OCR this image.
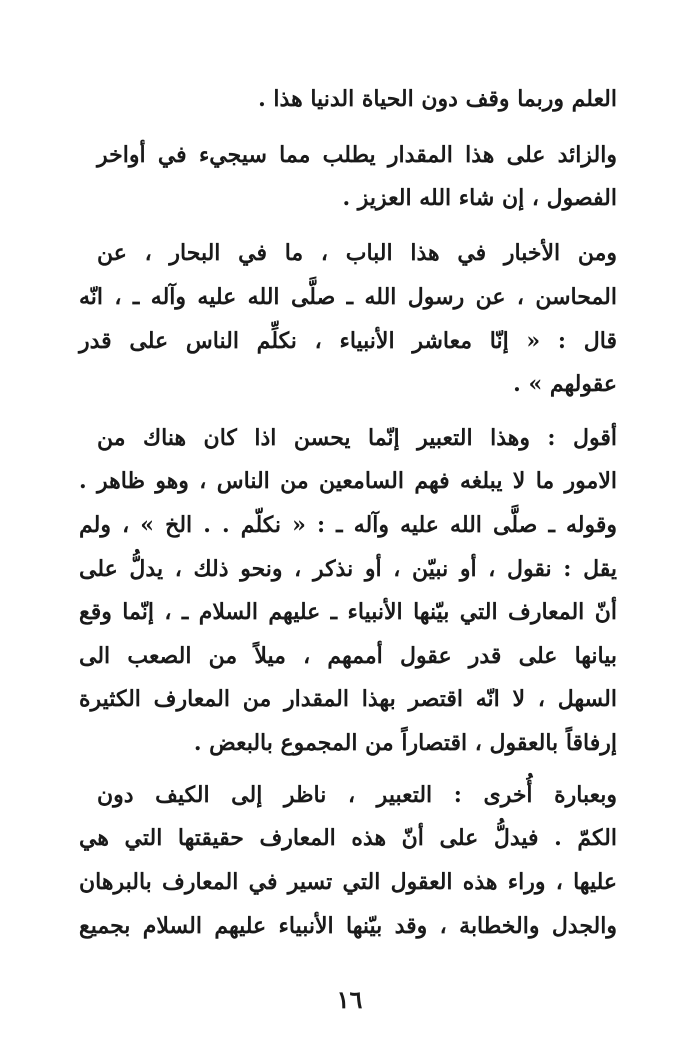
العلم وربما وقف دون الحياة الدنيا هذا .
والزائد على هذا المقدار يطلب مما سيجيء في أواخر
الفصول ، إن شاء الله العزيز .
ومن الأخبار في هذا الباب ، ما في البحار ، عن
المحاسن ، عن رسول الله ـ صلَّى الله عليه وآله ـ ، انّه
قال : « إنّا معاشر الأنبياء ، نكلِّم الناس على قدر
عقولهم » .
أقول : وهذا التعبير إنّما يحسن اذا كان هناك من
الامور ما لا يبلغه فهم السامعين من الناس ، وهو ظاهر .
وقوله ـ صلَّى الله عليه وآله ـ : « نكلّم . . الخ » ، ولم
يقل : نقول ، أو نبيّن ، أو نذكر ، ونحو ذلك ، يدلُّ على
أنّ المعارف التي بيّنها الأنبياء ـ عليهم السلام ـ ، إنّما وقع
بيانها على قدر عقول أممهم ، ميلاً من الصعب الى
السهل ، لا انّه اقتصر بهذا المقدار من المعارف الكثيرة
إرفاقاً بالعقول ، اقتصاراً من المجموع بالبعض .
وبعبارة أُخرى : التعبير ، ناظر إلى الكيف دون
الكمّ . فيدلُّ على أنّ هذه المعارف حقيقتها التي هي
عليها ، وراء هذه العقول التي تسير في المعارف بالبرهان
والجدل والخطابة ، وقد بيّنها الأنبياء عليهم السلام بجميع
١٦
